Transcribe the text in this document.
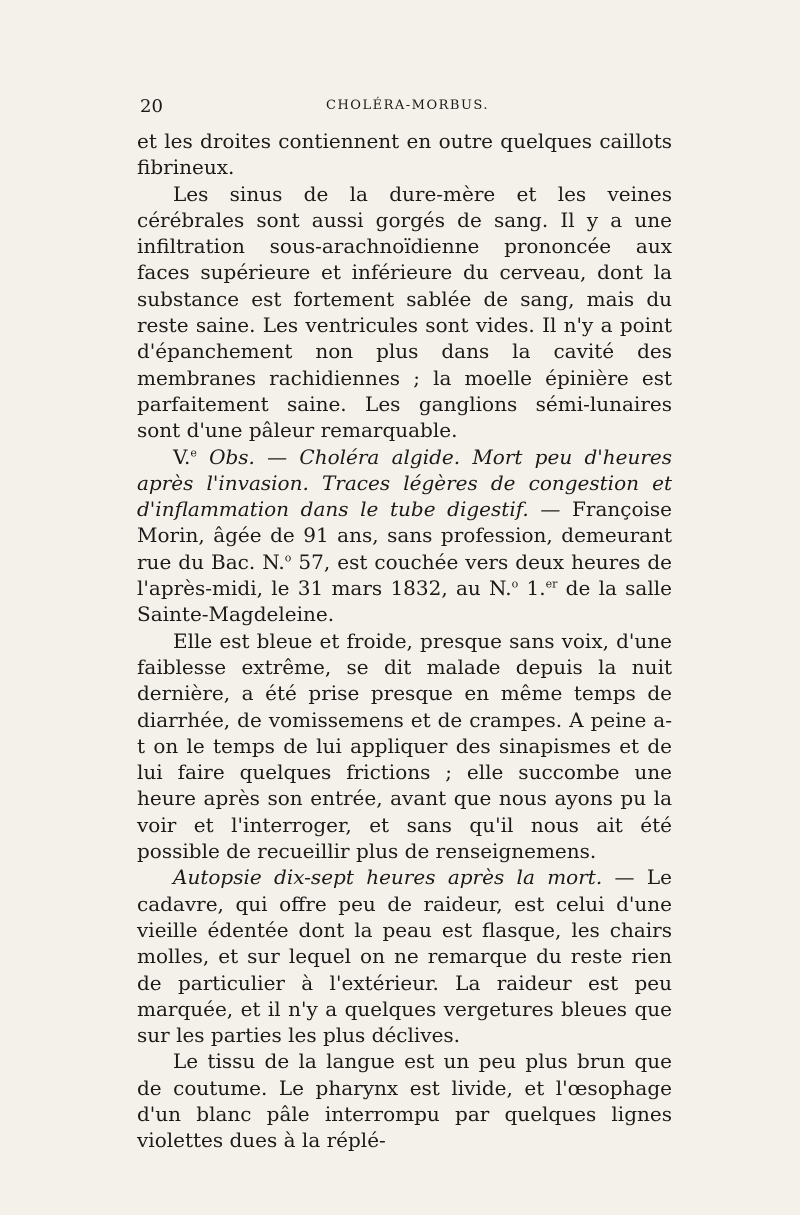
20	CHOLÉRA-MORBUS.

et les droites contiennent en outre quelques caillots fibrineux.

Les sinus de la dure-mère et les veines cérébrales sont aussi gorgés de sang. Il y a une infiltration sous-arachnoïdienne prononcée aux faces supérieure et inférieure du cerveau, dont la substance est fortement sablée de sang, mais du reste saine. Les ventricules sont vides. Il n'y a point d'épanchement non plus dans la cavité des membranes rachidiennes ; la moelle épinière est parfaitement saine. Les ganglions sémi-lunaires sont d'une pâleur remarquable.

V.$^e$ Obs. — Choléra algide. Mort peu d'heures après l'invasion. Traces légères de congestion et d'inflammation dans le tube digestif. — Françoise Morin, âgée de 91 ans, sans profession, demeurant rue du Bac. N.$^o$ 57, est couchée vers deux heures de l'après-midi, le 31 mars 1832, au N.$^o$ 1.$^{er}$ de la salle Sainte-Magdeleine.

Elle est bleue et froide, presque sans voix, d'une faiblesse extrême, se dit malade depuis la nuit dernière, a été prise presque en même temps de diarrhée, de vomissemens et de crampes. A peine a-t on le temps de lui appliquer des sinapismes et de lui faire quelques frictions ; elle succombe une heure après son entrée, avant que nous ayons pu la voir et l'interroger, et sans qu'il nous ait été possible de recueillir plus de renseignemens.

Autopsie dix-sept heures après la mort. — Le cadavre, qui offre peu de raideur, est celui d'une vieille édentée dont la peau est flasque, les chairs molles, et sur lequel on ne remarque du reste rien de particulier à l'extérieur. La raideur est peu marquée, et il n'y a quelques vergetures bleues que sur les parties les plus déclives.

Le tissu de la langue est un peu plus brun que de coutume. Le pharynx est livide, et l'œsophage d'un blanc pâle interrompu par quelques lignes violettes dues à la réplé-
